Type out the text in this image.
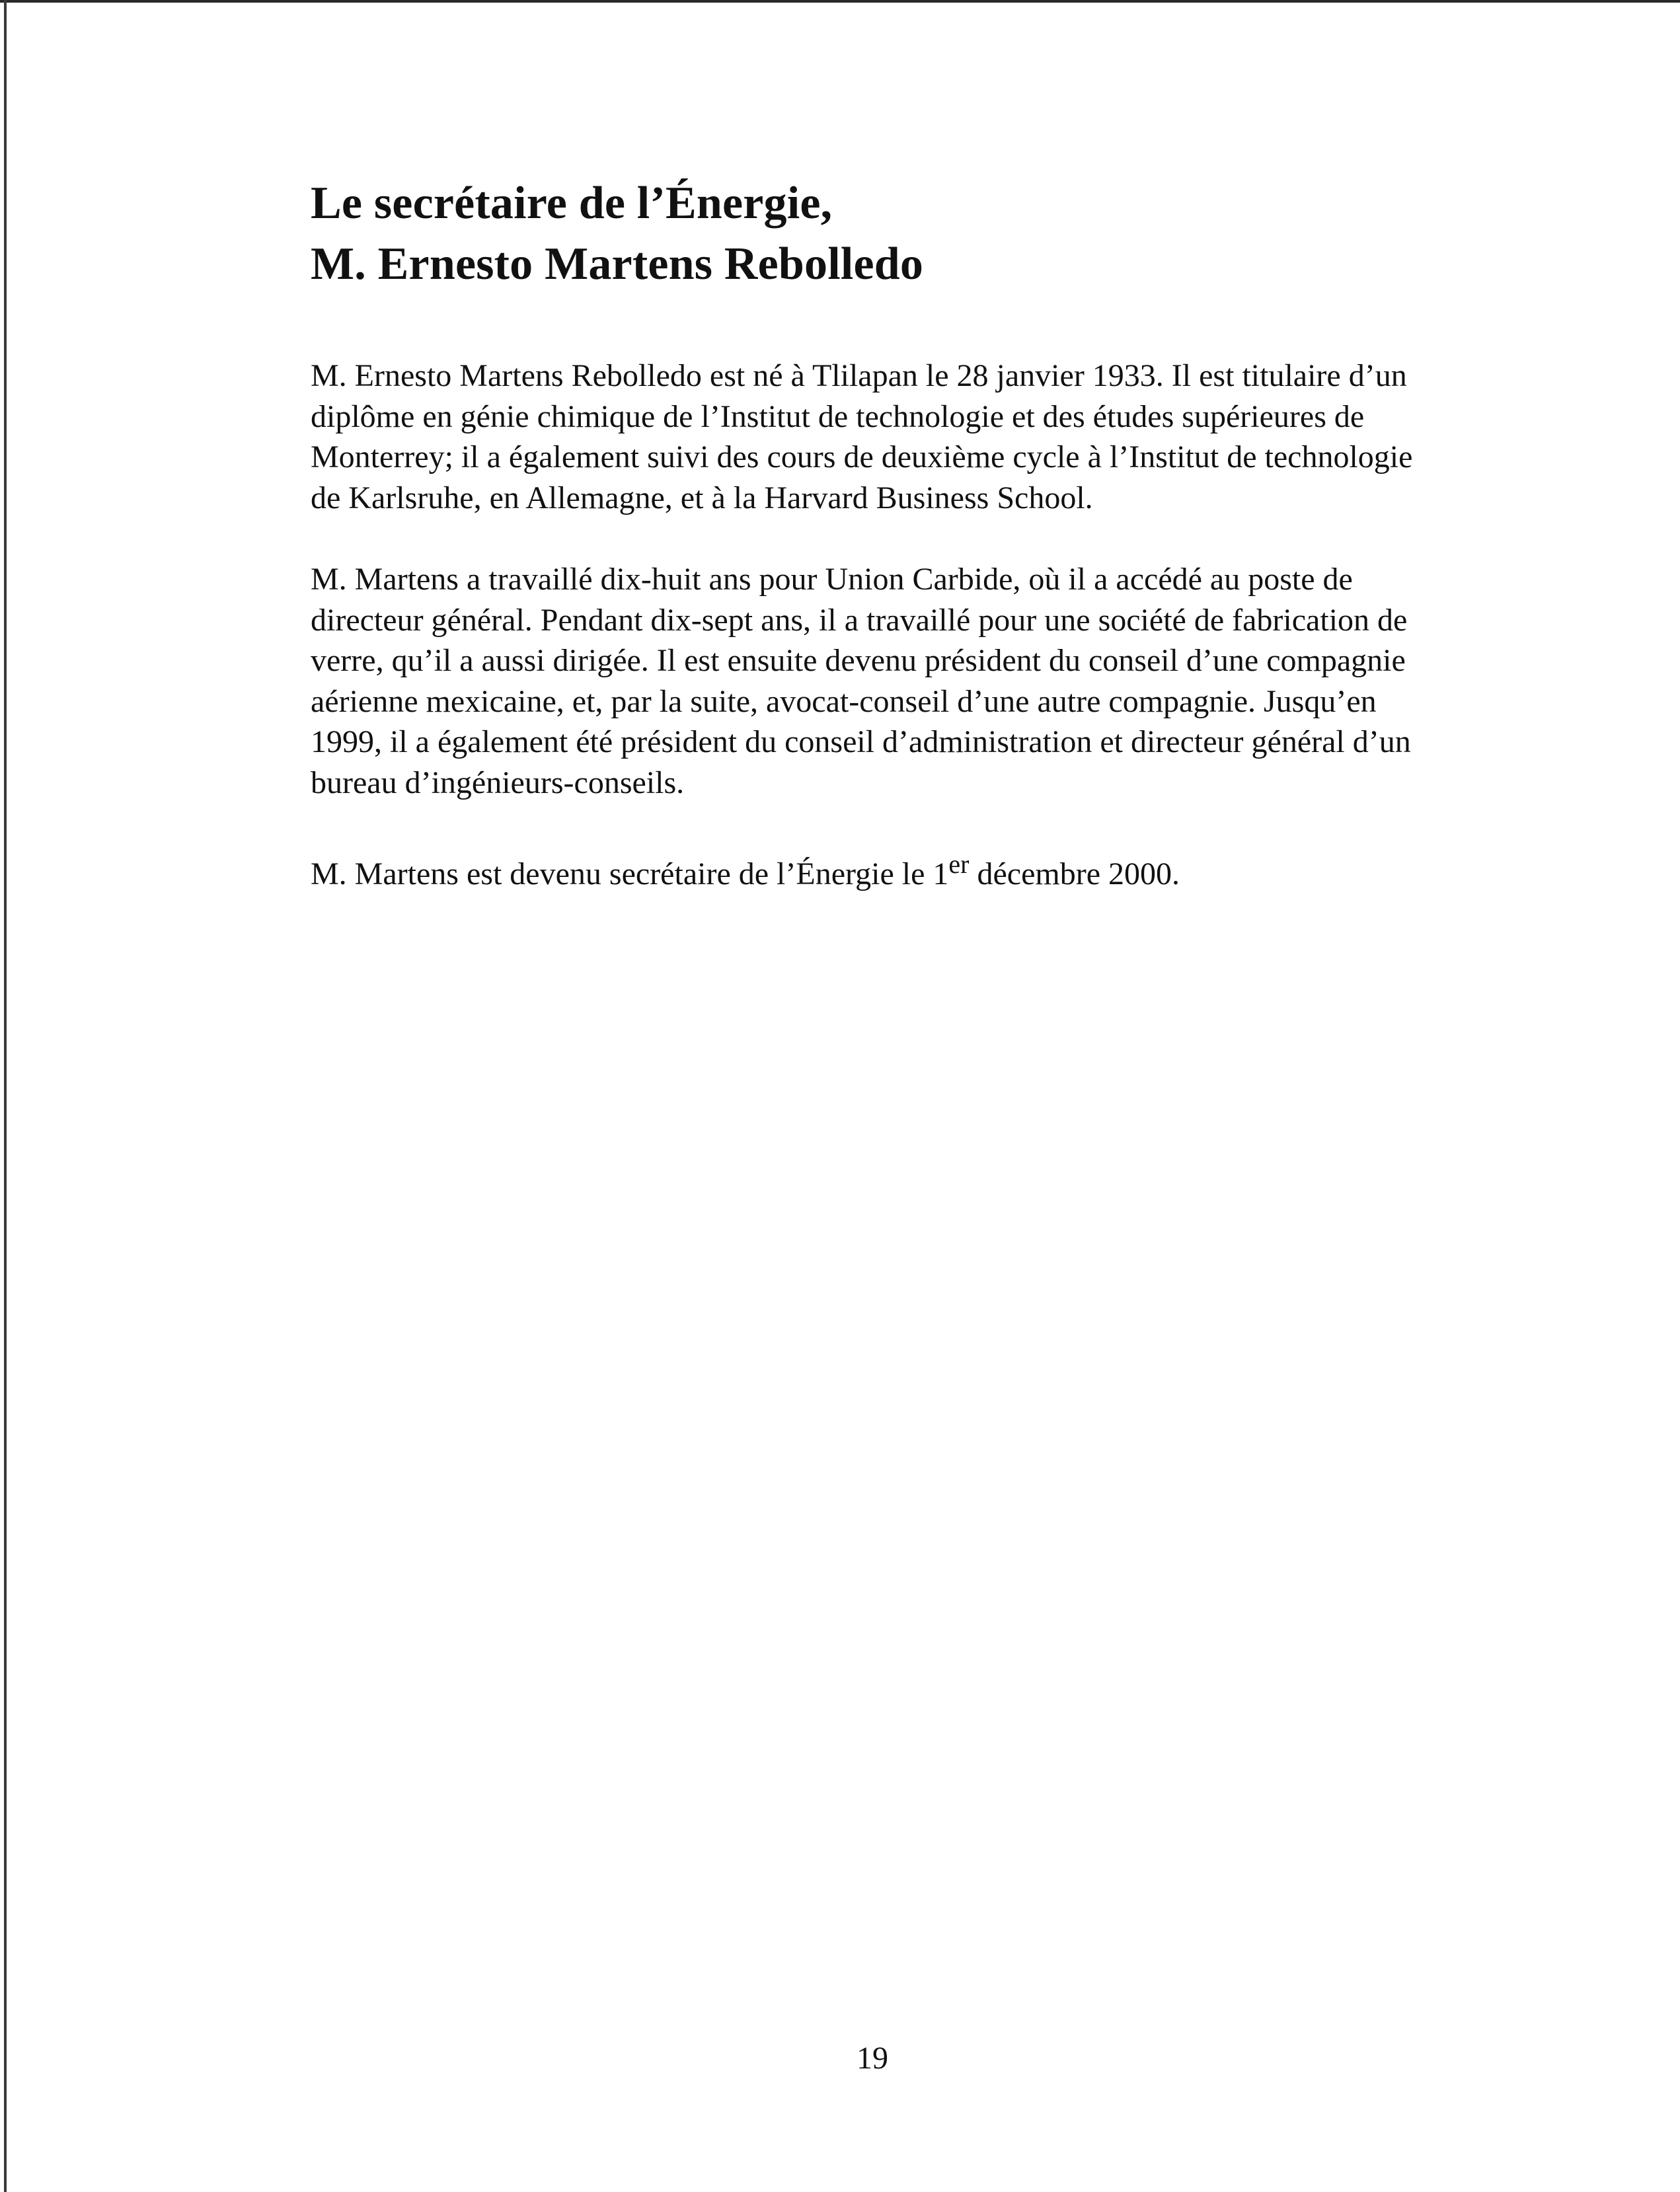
Le secrétaire de l’Énergie,
M. Ernesto Martens Rebolledo

M. Ernesto Martens Rebolledo est né à Tlilapan le 28 janvier 1933. Il est titulaire d’un diplôme en génie chimique de l’Institut de technologie et des études supérieures de Monterrey; il a également suivi des cours de deuxième cycle à l’Institut de technologie de Karlsruhe, en Allemagne, et à la Harvard Business School.

M. Martens a travaillé dix-huit ans pour Union Carbide, où il a accédé au poste de directeur général. Pendant dix-sept ans, il a travaillé pour une société de fabrication de verre, qu’il a aussi dirigée. Il est ensuite devenu président du conseil d’une compagnie aérienne mexicaine, et, par la suite, avocat-conseil d’une autre compagnie. Jusqu’en 1999, il a également été président du conseil d’administration et directeur général d’un bureau d’ingénieurs-conseils.

M. Martens est devenu secrétaire de l’Énergie le 1er décembre 2000.

19
